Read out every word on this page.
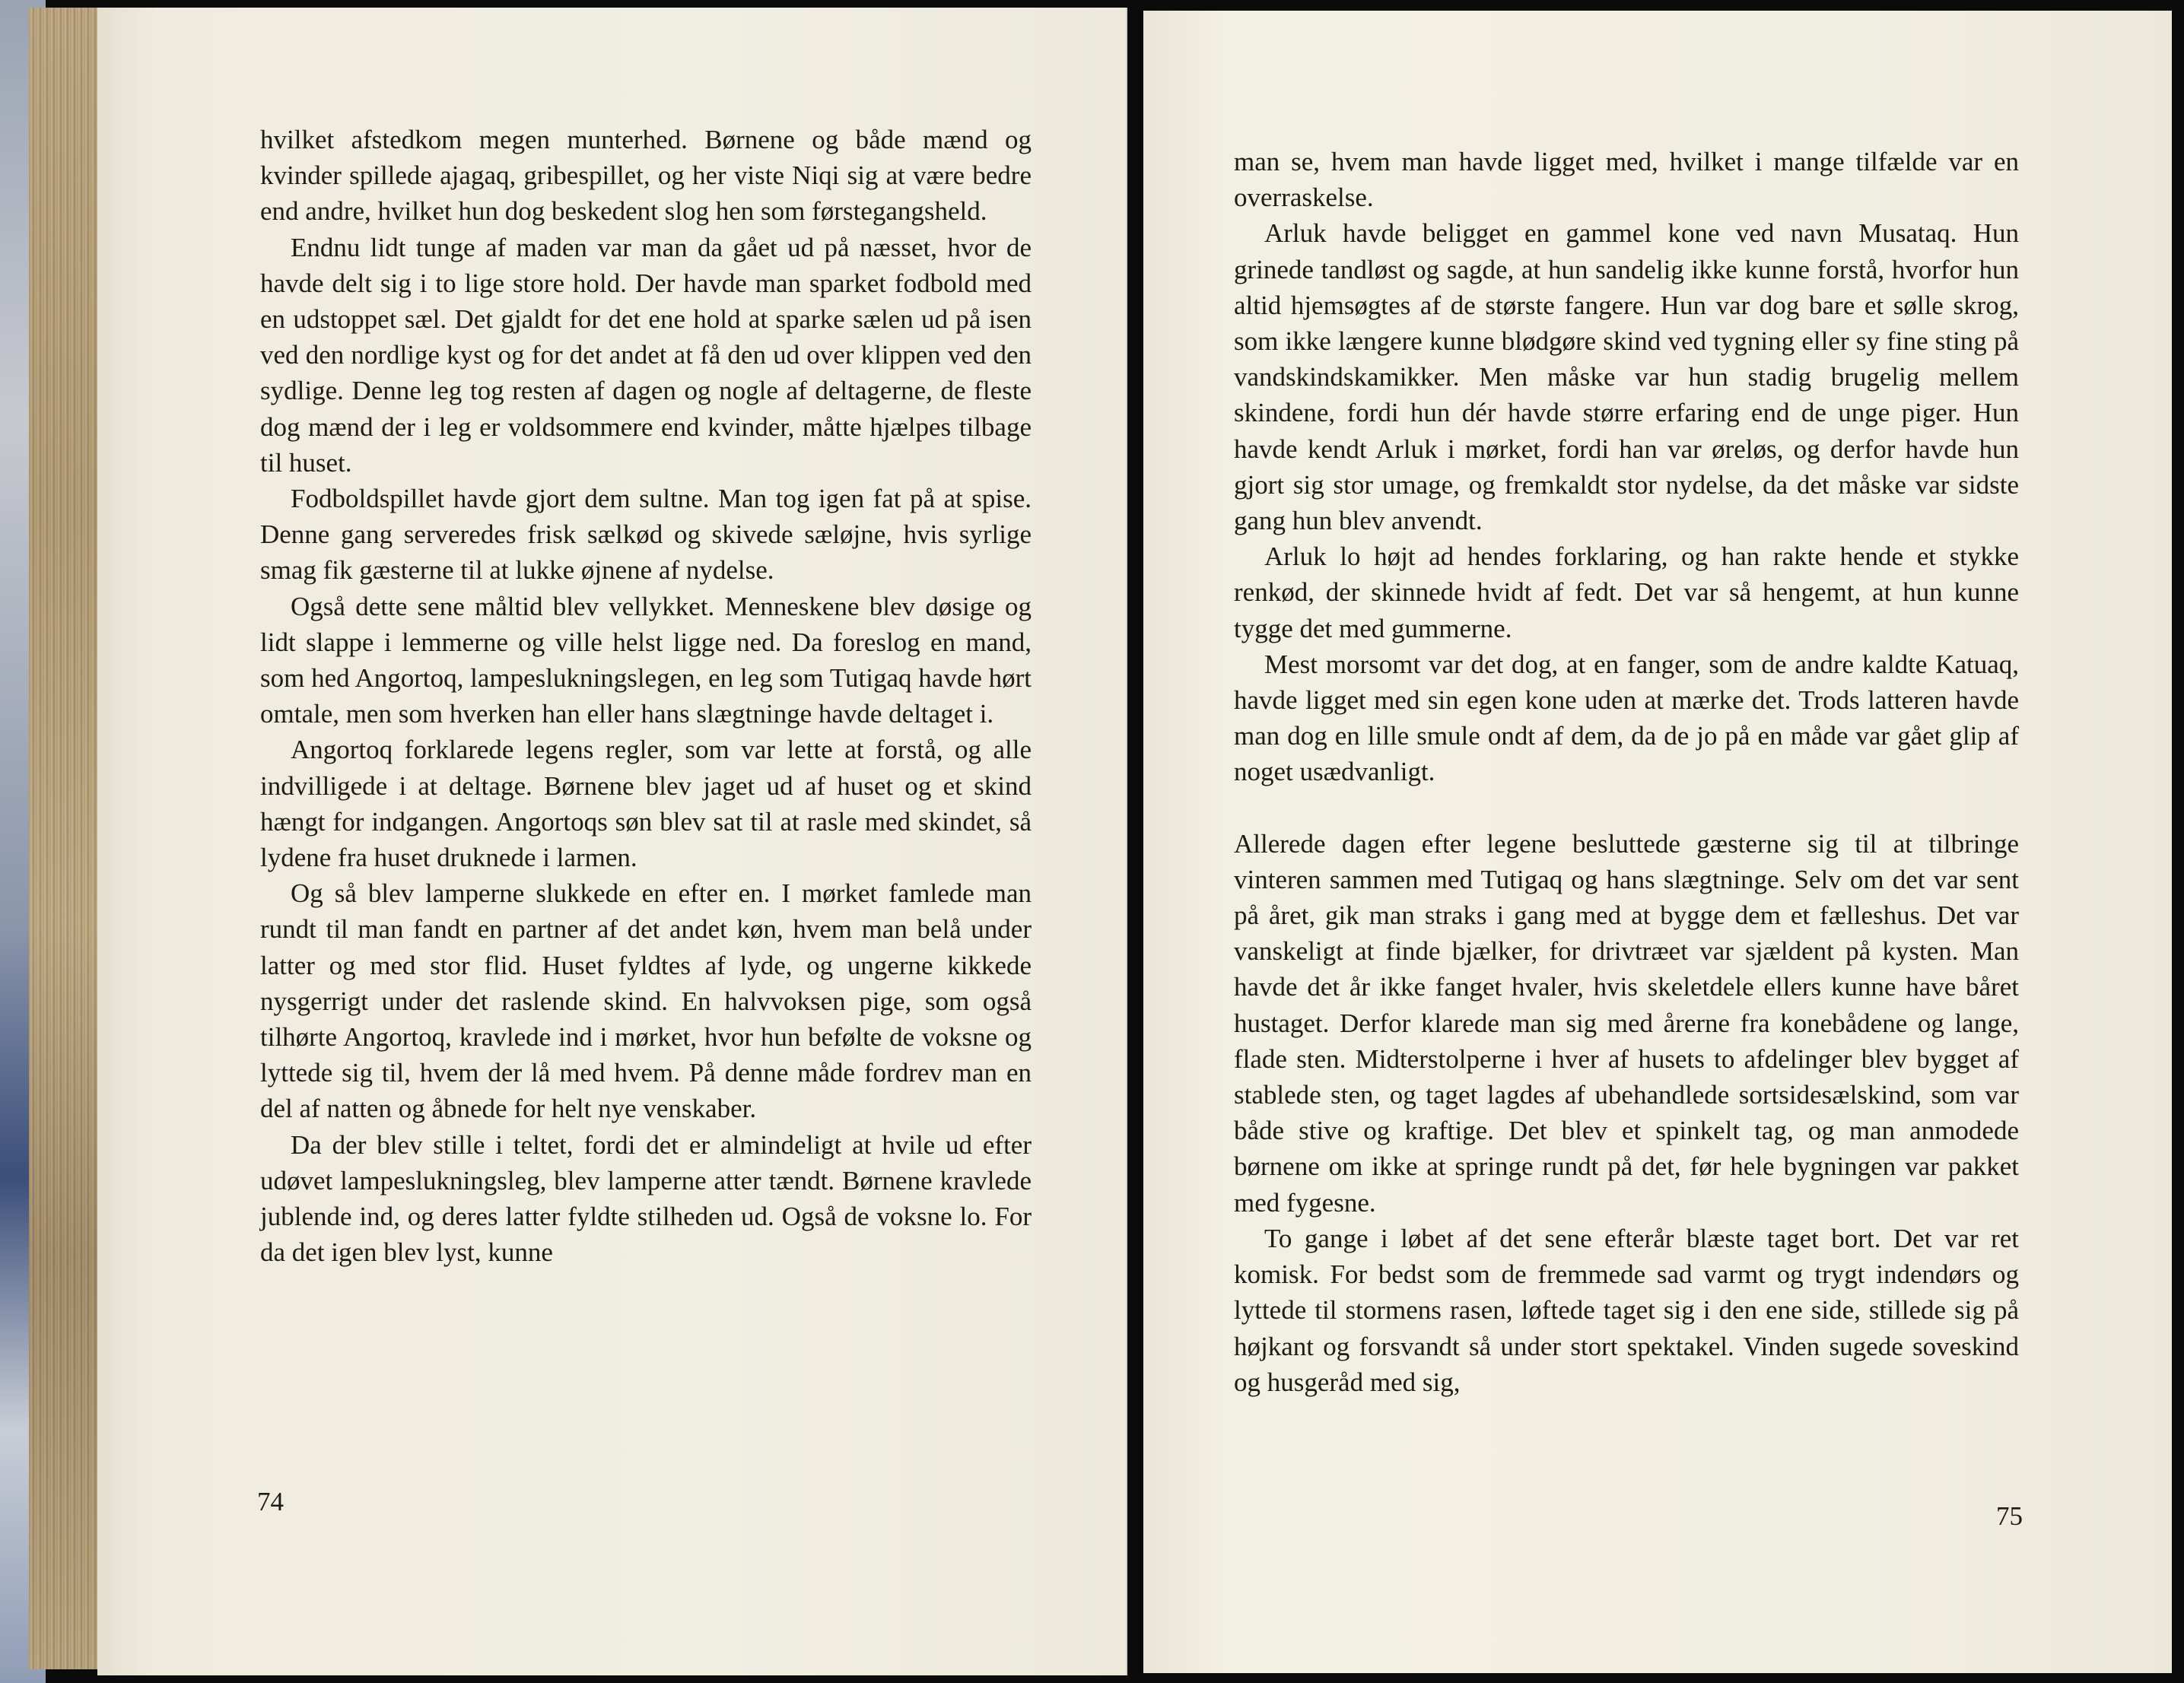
hvilket afstedkom megen munterhed. Børnene og både mænd og kvinder spillede ajagaq, gribespillet, og her viste Niqi sig at være bedre end andre, hvilket hun dog beskedent slog hen som førstegangsheld.

Endnu lidt tunge af maden var man da gået ud på næsset, hvor de havde delt sig i to lige store hold. Der havde man sparket fodbold med en udstoppet sæl. Det gjaldt for det ene hold at sparke sælen ud på isen ved den nordlige kyst og for det andet at få den ud over klippen ved den sydlige. Denne leg tog resten af dagen og nogle af deltagerne, de fleste dog mænd der i leg er voldsommere end kvinder, måtte hjælpes tilbage til huset.

Fodboldspillet havde gjort dem sultne. Man tog igen fat på at spise. Denne gang serveredes frisk sælkød og skivede sæløjne, hvis syrlige smag fik gæsterne til at lukke øjnene af nydelse.

Også dette sene måltid blev vellykket. Menneskene blev døsige og lidt slappe i lemmerne og ville helst ligge ned. Da foreslog en mand, som hed Angortoq, lampeslukningslegen, en leg som Tutigaq havde hørt omtale, men som hverken han eller hans slægtninge havde deltaget i.

Angortoq forklarede legens regler, som var lette at forstå, og alle indvilligede i at deltage. Børnene blev jaget ud af huset og et skind hængt for indgangen. Angortoqs søn blev sat til at rasle med skindet, så lydene fra huset druknede i larmen.

Og så blev lamperne slukkede en efter en. I mørket famlede man rundt til man fandt en partner af det andet køn, hvem man belå under latter og med stor flid. Huset fyldtes af lyde, og ungerne kikkede nysgerrigt under det raslende skind. En halvvoksen pige, som også tilhørte Angortoq, kravlede ind i mørket, hvor hun befølte de voksne og lyttede sig til, hvem der lå med hvem. På denne måde fordrev man en del af natten og åbnede for helt nye venskaber.

Da der blev stille i teltet, fordi det er almindeligt at hvile ud efter udøvet lampeslukningsleg, blev lamperne atter tændt. Børnene kravlede jublende ind, og deres latter fyldte stilheden ud. Også de voksne lo. For da det igen blev lyst, kunne

74

man se, hvem man havde ligget med, hvilket i mange tilfælde var en overraskelse.

Arluk havde beligget en gammel kone ved navn Musataq. Hun grinede tandløst og sagde, at hun sandelig ikke kunne forstå, hvorfor hun altid hjemsøgtes af de største fangere. Hun var dog bare et sølle skrog, som ikke længere kunne blødgøre skind ved tygning eller sy fine sting på vandskindskamikker. Men måske var hun stadig brugelig mellem skindene, fordi hun dér havde større erfaring end de unge piger. Hun havde kendt Arluk i mørket, fordi han var øreløs, og derfor havde hun gjort sig stor umage, og fremkaldt stor nydelse, da det måske var sidste gang hun blev anvendt.

Arluk lo højt ad hendes forklaring, og han rakte hende et stykke renkød, der skinnede hvidt af fedt. Det var så hengemt, at hun kunne tygge det med gummerne.

Mest morsomt var det dog, at en fanger, som de andre kaldte Katuaq, havde ligget med sin egen kone uden at mærke det. Trods latteren havde man dog en lille smule ondt af dem, da de jo på en måde var gået glip af noget usædvanligt.

Allerede dagen efter legene besluttede gæsterne sig til at tilbringe vinteren sammen med Tutigaq og hans slægtninge. Selv om det var sent på året, gik man straks i gang med at bygge dem et fælleshus. Det var vanskeligt at finde bjælker, for drivtræet var sjældent på kysten. Man havde det år ikke fanget hvaler, hvis skeletdele ellers kunne have båret hustaget. Derfor klarede man sig med årerne fra konebådene og lange, flade sten. Midterstolperne i hver af husets to afdelinger blev bygget af stablede sten, og taget lagdes af ubehandlede sortsidesælskind, som var både stive og kraftige. Det blev et spinkelt tag, og man anmodede børnene om ikke at springe rundt på det, før hele bygningen var pakket med fygesne.

To gange i løbet af det sene efterår blæste taget bort. Det var ret komisk. For bedst som de fremmede sad varmt og trygt indendørs og lyttede til stormens rasen, løftede taget sig i den ene side, stillede sig på højkant og forsvandt så under stort spektakel. Vinden sugede soveskind og husgeråd med sig,

75
